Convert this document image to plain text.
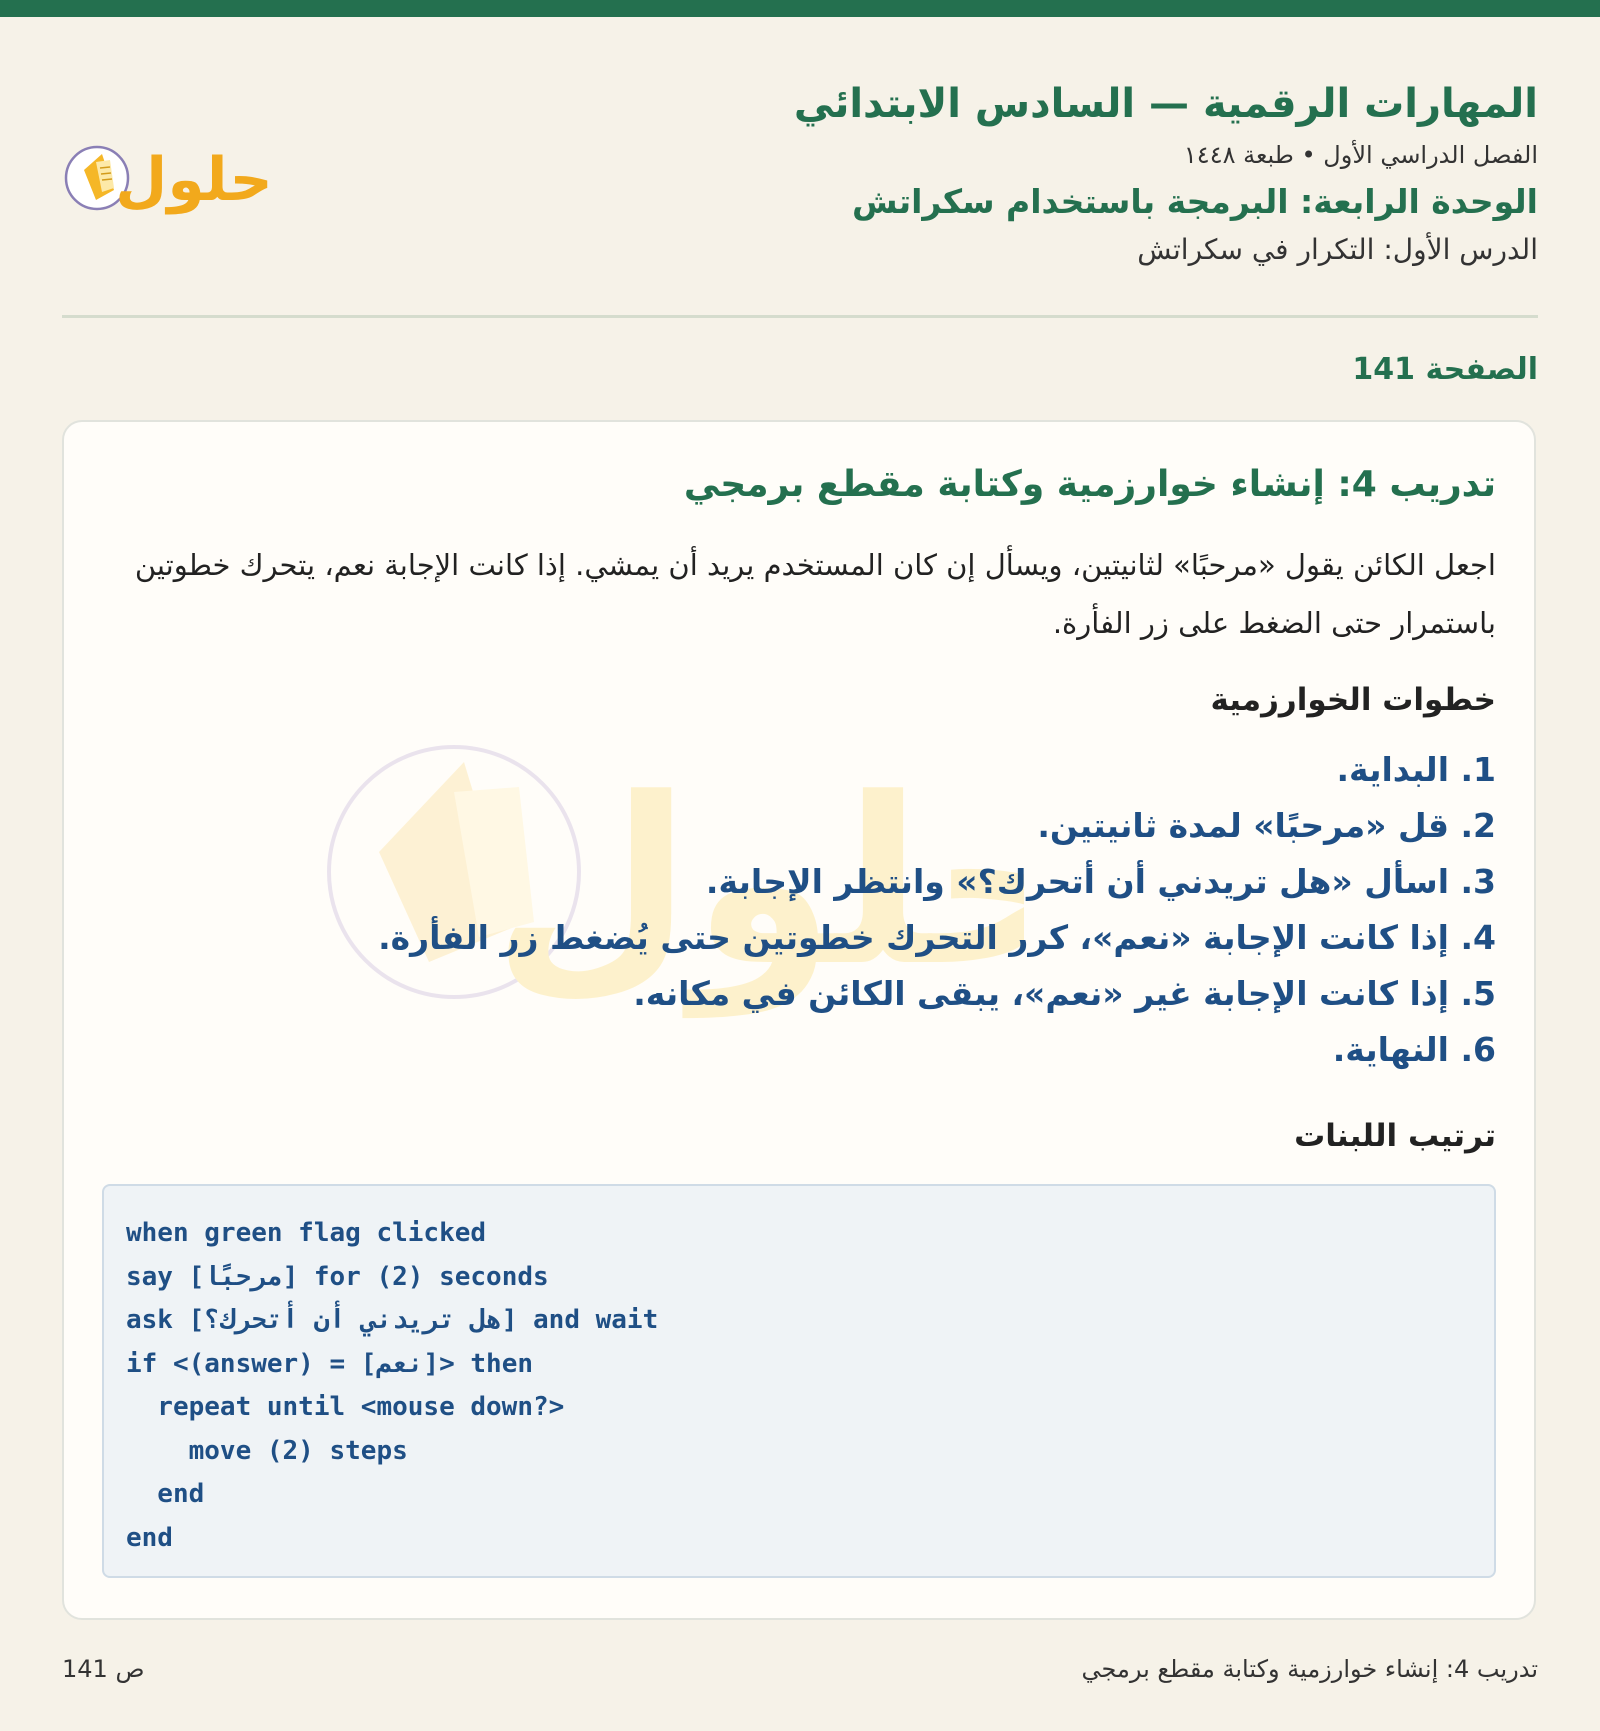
حلول
المهارات الرقمية — السادس الابتدائي
الفصل الدراسي الأول • طبعة ١٤٤٨
الوحدة الرابعة: البرمجة باستخدام سكراتش
الدرس الأول: التكرار في سكراتش
الصفحة 141
لول
تدريب 4: إنشاء خوارزمية وكتابة مقطع برمجي
اجعل الكائن يقول «مرحبًا» لثانيتين، ويسأل إن كان المستخدم يريد أن يمشي. إذا كانت الإجابة نعم، يتحرك خطوتين باستمرار حتى الضغط على زر الفأرة.
خطوات الخوارزمية
1. البداية.
2. قل «مرحبًا» لمدة ثانيتين.
3. اسأل «هل تريدني أن أتحرك؟» وانتظر الإجابة.
4. إذا كانت الإجابة «نعم»، كرر التحرك خطوتين حتى يُضغط زر الفأرة.
5. إذا كانت الإجابة غير «نعم»، يبقى الكائن في مكانه.
6. النهاية.
ترتيب اللبنات
when green flag clicked
say [مرحبًا] for (2) seconds
ask [هل تريدني أن أتحرك؟] and wait
if <(answer) = [نعم]> then
repeat until <mouse down?>
move (2) steps
end
end
تدريب 4: إنشاء خوارزمية وكتابة مقطع برمجي
ص 141
